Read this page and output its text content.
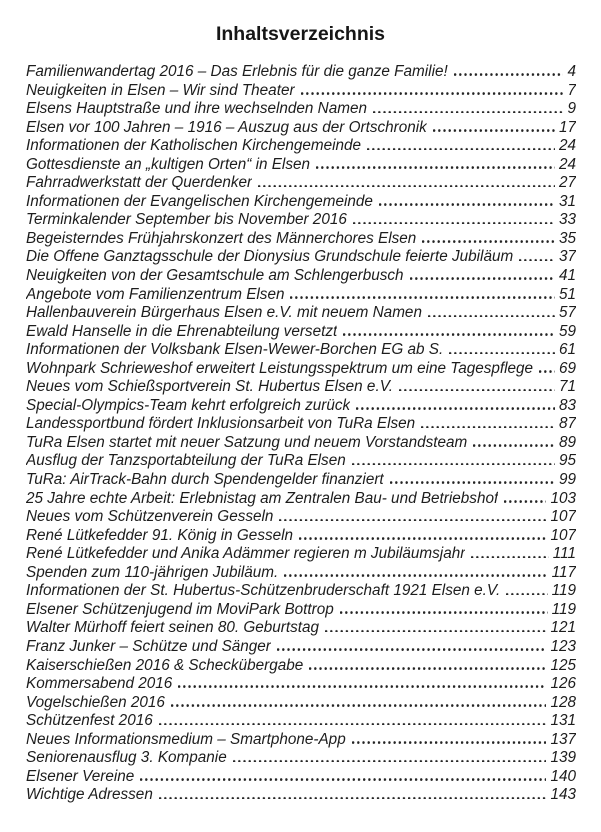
Inhaltsverzeichnis
Familienwandertag 2016 – Das Erlebnis für die ganze Familie!	4
Neuigkeiten in Elsen – Wir sind Theater	7
Elsens Hauptstraße und ihre wechselnden Namen	9
Elsen vor 100 Jahren – 1916 – Auszug aus der Ortschronik	17
Informationen der Katholischen Kirchengemeinde	24
Gottesdienste an „kultigen Orten“ in Elsen	24
Fahrradwerkstatt der Querdenker	27
Informationen der Evangelischen Kirchengemeinde	31
Terminkalender September bis November 2016	33
Begeisterndes Frühjahrskonzert des Männerchores Elsen	35
Die Offene Ganztagsschule der Dionysius Grundschule feierte Jubiläum	37
Neuigkeiten von der Gesamtschule am Schlengerbusch	41
Angebote vom Familienzentrum Elsen	51
Hallenbauverein Bürgerhaus Elsen e.V. mit neuem Namen	57
Ewald Hanselle in die Ehrenabteilung versetzt	59
Informationen der Volksbank Elsen-Wewer-Borchen EG ab S.	61
Wohnpark Schrieweshof erweitert Leistungsspektrum um eine Tagespflege 69
Neues vom Schießsportverein St. Hubertus Elsen e.V.	71
Special-Olympics-Team kehrt erfolgreich zurück	83
Landessportbund fördert Inklusionsarbeit von TuRa Elsen	87
TuRa Elsen startet mit neuer Satzung und neuem Vorstandsteam	89
Ausflug der Tanzsportabteilung der TuRa Elsen	95
TuRa: AirTrack-Bahn durch Spendengelder finanziert	99
25 Jahre echte Arbeit: Erlebnistag am Zentralen Bau- und Betriebshof	103
Neues vom Schützenverein Gesseln	107
René Lütkefedder 91. König in Gesseln	107
René Lütkefedder und Anika Adämmer regieren m Jubiläumsjahr	111
Spenden zum 110-jährigen Jubiläum.	117
Informationen der St. Hubertus-Schützenbruderschaft 1921 Elsen e.V.	119
Elsener Schützenjugend im MoviPark Bottrop	119
Walter Mürhoff feiert seinen 80. Geburtstag	121
Franz Junker – Schütze und Sänger	123
Kaiserschießen 2016 & Scheckübergabe	125
Kommersabend 2016	126
Vogelschießen 2016	128
Schützenfest 2016	131
Neues Informationsmedium – Smartphone-App	137
Seniorenausflug 3. Kompanie	139
Elsener Vereine	140
Wichtige Adressen	143
